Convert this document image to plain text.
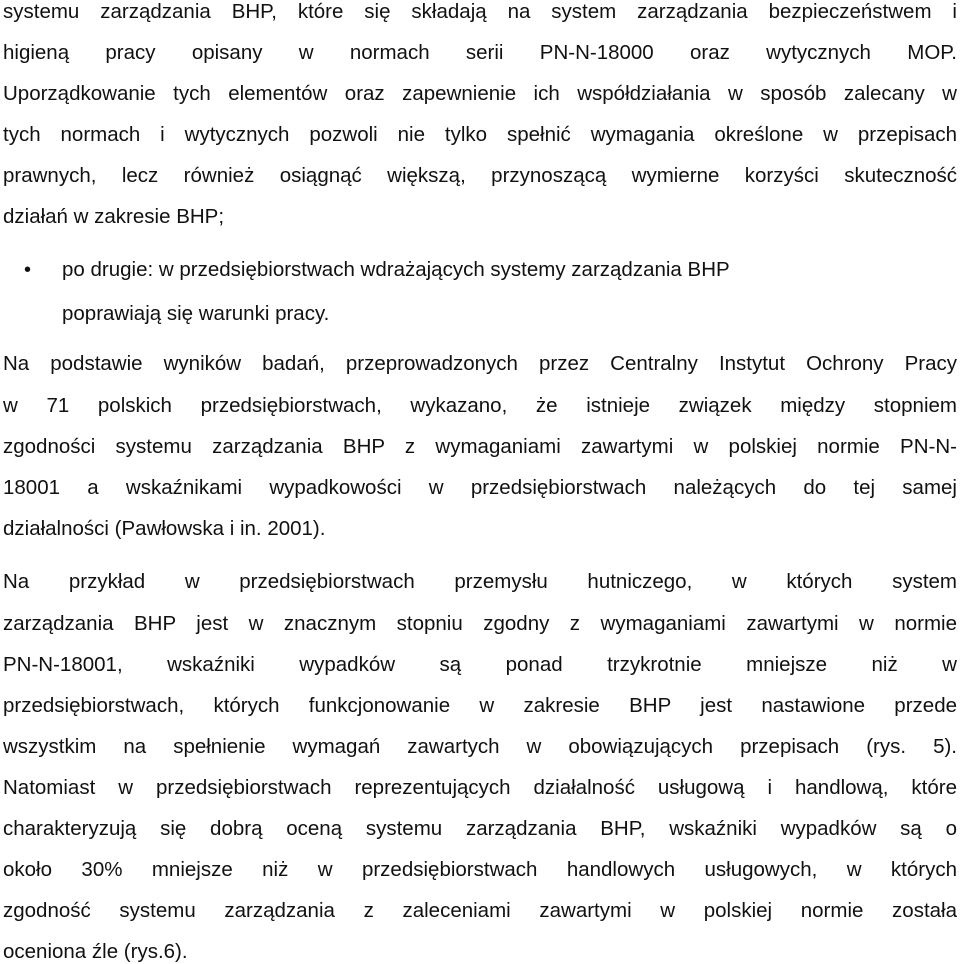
systemu zarządzania BHP, które się składają na system zarządzania bezpieczeństwem i
higieną pracy opisany w normach serii PN-N-18000 oraz wytycznych MOP.
Uporządkowanie tych elementów oraz zapewnienie ich współdziałania w sposób zalecany w
tych normach i wytycznych pozwoli nie tylko spełnić wymagania określone w przepisach
prawnych, lecz również osiągnąć większą, przynoszącą wymierne korzyści skuteczność
działań w zakresie BHP;
• po drugie: w przedsiębiorstwach wdrażających systemy zarządzania BHP
poprawiają się warunki pracy.
Na podstawie wyników badań, przeprowadzonych przez Centralny Instytut Ochrony Pracy
w 71 polskich przedsiębiorstwach, wykazano, że istnieje związek między stopniem
zgodności systemu zarządzania BHP z wymaganiami zawartymi w polskiej normie PN-N-
18001 a wskaźnikami wypadkowości w przedsiębiorstwach należących do tej samej
działalności (Pawłowska i in. 2001).
Na przykład w przedsiębiorstwach przemysłu hutniczego, w których system
zarządzania BHP jest w znacznym stopniu zgodny z wymaganiami zawartymi w normie
PN-N-18001, wskaźniki wypadków są ponad trzykrotnie mniejsze niż w
przedsiębiorstwach, których funkcjonowanie w zakresie BHP jest nastawione przede
wszystkim na spełnienie wymagań zawartych w obowiązujących przepisach (rys. 5).
Natomiast w przedsiębiorstwach reprezentujących działalność usługową i handlową, które
charakteryzują się dobrą oceną systemu zarządzania BHP, wskaźniki wypadków są o
około 30% mniejsze niż w przedsiębiorstwach handlowych usługowych, w których
zgodność systemu zarządzania z zaleceniami zawartymi w polskiej normie została
oceniona źle (rys.6).
